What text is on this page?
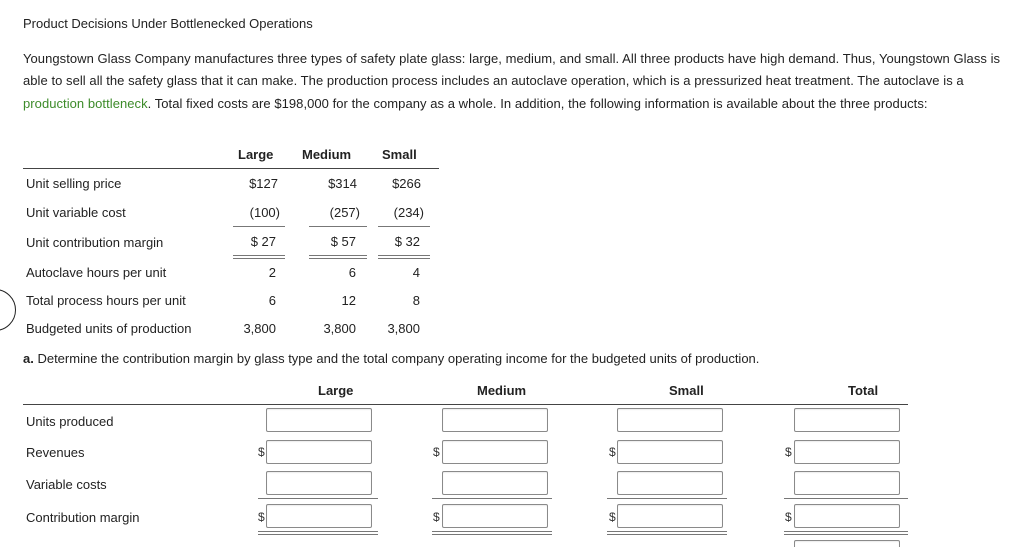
Product Decisions Under Bottlenecked Operations
Youngstown Glass Company manufactures three types of safety plate glass: large, medium, and small. All three products have high demand. Thus, Youngstown Glass is able to sell all the safety glass that it can make. The production process includes an autoclave operation, which is a pressurized heat treatment. The autoclave is a production bottleneck. Total fixed costs are $198,000 for the company as a whole. In addition, the following information is available about the three products:
Large Medium Small
Unit selling price	$127	$314	$266
Unit variable cost	(100)	(257)	(234)
Unit contribution margin	$ 27	$ 57	$ 32
Autoclave hours per unit	2	6	4
Total process hours per unit	6	12	8
Budgeted units of production	3,800	3,800	3,800
a. Determine the contribution margin by glass type and the total company operating income for the budgeted units of production.
Large	Medium	Small	Total
Units produced
Revenues	$	$	$	$
Variable costs
Contribution margin	$	$	$	$
